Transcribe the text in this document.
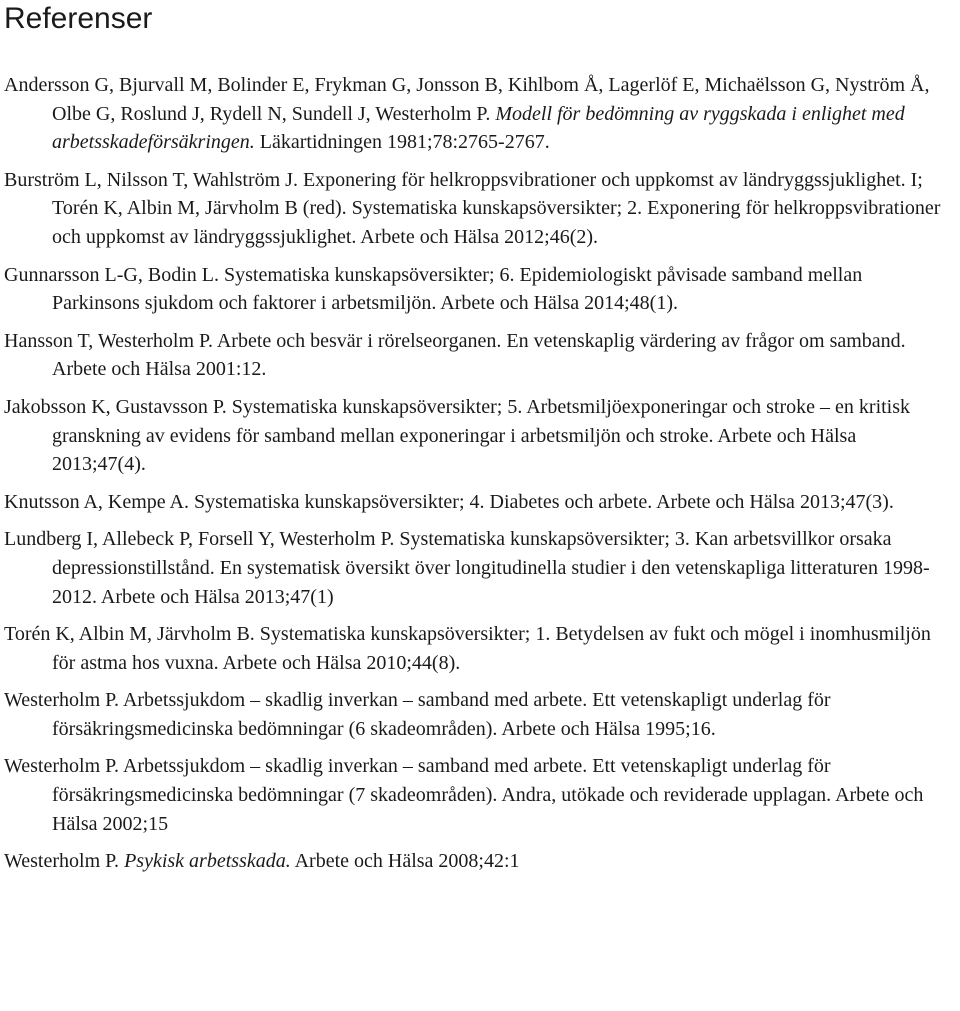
Referenser
Andersson G, Bjurvall M, Bolinder E, Frykman G, Jonsson B, Kihlbom Å, Lagerlöf E, Michaëlsson G, Nyström Å, Olbe G, Roslund J, Rydell N, Sundell J, Westerholm P. Modell för bedömning av ryggskada i enlighet med arbetsskadeförsäkringen. Läkartidningen 1981;78:2765-2767.
Burström L, Nilsson T, Wahlström J. Exponering för helkroppsvibrationer och uppkomst av ländryggssjuklighet. I; Torén K, Albin M, Järvholm B (red). Systematiska kunskapsöversikter; 2. Exponering för helkroppsvibrationer och uppkomst av ländryggssjuklighet. Arbete och Hälsa 2012;46(2).
Gunnarsson L-G, Bodin L. Systematiska kunskapsöversikter; 6. Epidemiologiskt påvisade samband mellan Parkinsons sjukdom och faktorer i arbetsmiljön. Arbete och Hälsa 2014;48(1).
Hansson T, Westerholm P. Arbete och besvär i rörelseorganen. En vetenskaplig värdering av frågor om samband. Arbete och Hälsa 2001:12.
Jakobsson K, Gustavsson P. Systematiska kunskapsöversikter; 5. Arbetsmiljöexponeringar och stroke – en kritisk granskning av evidens för samband mellan exponeringar i arbetsmiljön och stroke. Arbete och Hälsa 2013;47(4).
Knutsson A, Kempe A. Systematiska kunskapsöversikter; 4. Diabetes och arbete. Arbete och Hälsa 2013;47(3).
Lundberg I, Allebeck P, Forsell Y, Westerholm P. Systematiska kunskapsöversikter; 3. Kan arbetsvillkor orsaka depressionstillstånd. En systematisk översikt över longitudinella studier i den vetenskapliga litteraturen 1998-2012. Arbete och Hälsa 2013;47(1)
Torén K, Albin M, Järvholm B. Systematiska kunskapsöversikter; 1. Betydelsen av fukt och mögel i inomhusmiljön för astma hos vuxna. Arbete och Hälsa 2010;44(8).
Westerholm P. Arbetssjukdom – skadlig inverkan – samband med arbete. Ett vetenskapligt underlag för försäkringsmedicinska bedömningar (6 skadeområden). Arbete och Hälsa 1995;16.
Westerholm P. Arbetssjukdom – skadlig inverkan – samband med arbete. Ett vetenskapligt underlag för försäkringsmedicinska bedömningar (7 skadeområden). Andra, utökade och reviderade upplagan. Arbete och Hälsa 2002;15
Westerholm P. Psykisk arbetsskada. Arbete och Hälsa 2008;42:1
